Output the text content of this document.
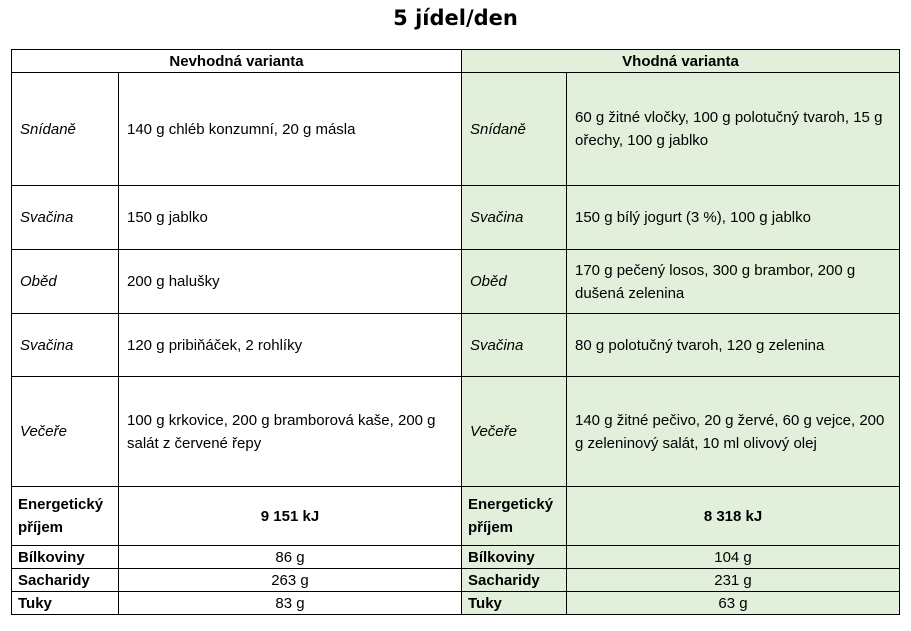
5 jídel/den
Nevhodná varianta		Vhodná varianta	
Snídaně	140 g chléb konzumní, 20 g másla	Snídaně	60 g žitné vločky, 100 g polotučný tvaroh, 15 g ořechy, 100 g jablko
Svačina	150 g jablko	Svačina	150 g bílý jogurt (3 %), 100 g jablko
Oběd	200 g halušky	Oběd	170 g pečený losos, 300 g brambor, 200 g dušená zelenina
Svačina	120 g pribiňáček, 2 rohlíky	Svačina	80 g polotučný tvaroh, 120 g zelenina
Večeře	100 g krkovice, 200 g bramborová kaše, 200 g salát z červené řepy	Večeře	140 g žitné pečivo, 20 g žervé, 60 g vejce, 200 g zeleninový salát, 10 ml olivový olej
Energetický příjem	9 151 kJ	Energetický příjem	8 318 kJ
Bílkoviny	86 g	Bílkoviny	104 g
Sacharidy	263 g	Sacharidy	231 g
Tuky	83 g	Tuky	63 g
